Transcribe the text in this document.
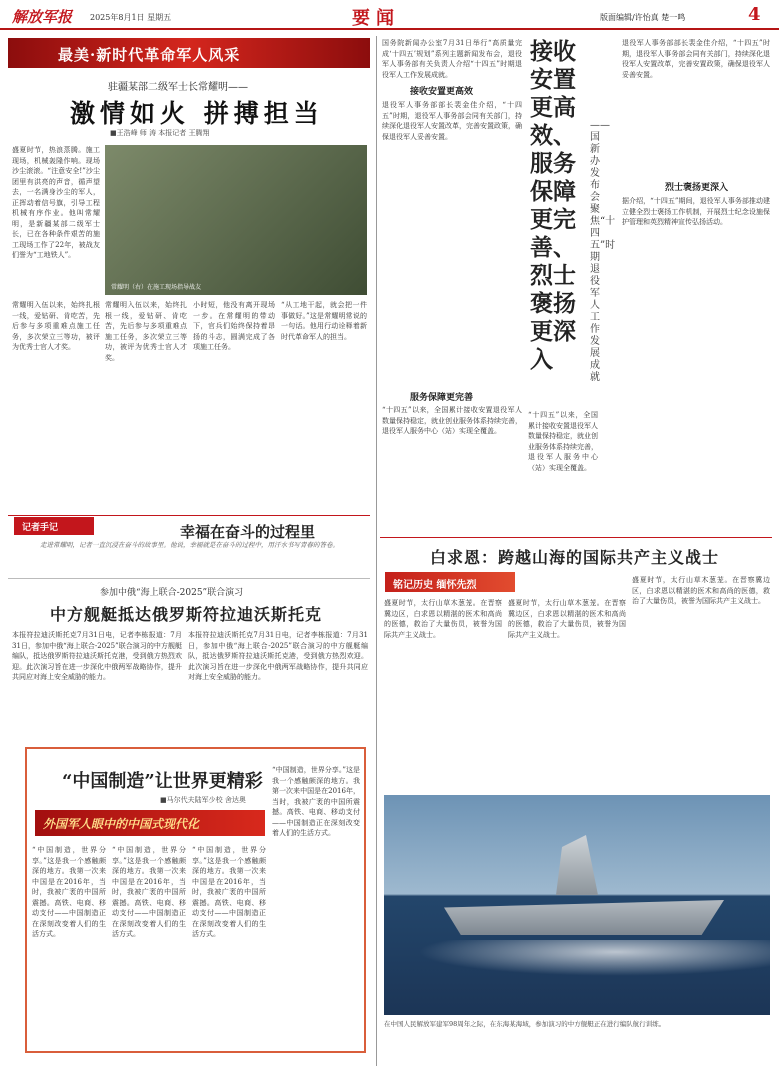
解放军报 2025年8月1日 星期五	要闻	版面编辑/许怡真 楚一鸣	4
最美·新时代革命军人风采
驻疆某部二级军士长常耀明——
激情如火 拼搏担当
■王浩峰 师 涛 本报记者 王腾翔
盛夏时节，热浪蒸腾。施工现场，机械轰隆作响。现场沙尘滚滚。“注意安全!”沙尘团里有洪亮的声音，循声望去，一名满身沙尘的军人，正挥动着信号旗，引导工程机械有序作业。他叫常耀明，是新疆某部二级军士长，已在各种条件艰苦的施工现场工作了22年，被战友们誉为“工地铁人”。
常耀明（右）在施工现场指导战友
常耀明入伍以来，始终扎根一线，爱钻研、肯吃苦，先后参与多项重难点施工任务，多次荣立三等功，被评为优秀士官人才奖。
常耀明入伍以来，始终扎根一线，爱钻研、肯吃苦，先后参与多项重难点施工任务，多次荣立三等功，被评为优秀士官人才奖。
小时短，他没有离开现场一步。在常耀明的带动下，官兵们始终保持着昂扬的斗志，圆满完成了各项施工任务。
“从工地干起，就会把一件事做好。”这是常耀明常说的一句话。他用行动诠释着新时代革命军人的担当。
记者手记	幸福在奋斗的过程里
走进常耀明，记者一直沉浸在奋斗的故事里。他说，幸福就是在奋斗的过程中，用汗水书写青春的答卷。
参加中俄“海上联合-2025”联合演习
中方舰艇抵达俄罗斯符拉迪沃斯托克
本报符拉迪沃斯托克7月31日电，记者李栋报道：7月31日，参加中俄“海上联合-2025”联合演习的中方舰艇编队，抵达俄罗斯符拉迪沃斯托克港，受到俄方热烈欢迎。此次演习旨在进一步深化中俄两军战略协作，提升共同应对海上安全威胁的能力。
本报符拉迪沃斯托克7月31日电，记者李栋报道：7月31日，参加中俄“海上联合-2025”联合演习的中方舰艇编队，抵达俄罗斯符拉迪沃斯托克港，受到俄方热烈欢迎。此次演习旨在进一步深化中俄两军战略协作，提升共同应对海上安全威胁的能力。
“中国制造”让世界更精彩
■马尔代夫陆军少校 舍达奥
外国军人眼中的中国式现代化
“中国制造，世界分享。”这是我一个感触颇深的地方。我第一次来中国是在2016年，当时，我被广袤的中国所震撼。高铁、电商、移动支付——中国制造正在深刻改变着人们的生活方式。
“中国制造，世界分享。”这是我一个感触颇深的地方。我第一次来中国是在2016年，当时，我被广袤的中国所震撼。高铁、电商、移动支付——中国制造正在深刻改变着人们的生活方式。
“中国制造，世界分享。”这是我一个感触颇深的地方。我第一次来中国是在2016年，当时，我被广袤的中国所震撼。高铁、电商、移动支付——中国制造正在深刻改变着人们的生活方式。
“中国制造，世界分享。”这是我一个感触颇深的地方。我第一次来中国是在2016年，当时，我被广袤的中国所震撼。高铁、电商、移动支付——中国制造正在深刻改变着人们的生活方式。
国务院新闻办公室7月31日举行“高质量完成‘十四五’规划”系列主题新闻发布会，退役军人事务部有关负责人介绍“十四五”时期退役军人工作发展成就。
接收安置更高效
退役军人事务部部长裴金佳介绍，“十四五”时期，退役军人事务部会同有关部门，持续深化退役军人安置改革，完善安置政策，确保退役军人妥善安置。
服务保障更完善
“十四五”以来，全国累计接收安置退役军人数量保持稳定，就业创业服务体系持续完善，退役军人服务中心（站）实现全覆盖。
接收安置更高效、服务保障更完善、烈士褒扬更深入
——国新办发布会聚焦“十四五”时期退役军人工作发展成就
“十四五”以来，全国累计接收安置退役军人数量保持稳定，就业创业服务体系持续完善，退役军人服务中心（站）实现全覆盖。
退役军人事务部部长裴金佳介绍，“十四五”时期，退役军人事务部会同有关部门，持续深化退役军人安置改革，完善安置政策，确保退役军人妥善安置。
烈士褒扬更深入
据介绍，“十四五”期间，退役军人事务部推动建立健全烈士褒扬工作机制，开展烈士纪念设施保护管理和英烈精神宣传弘扬活动。
白求恩：跨越山海的国际共产主义战士
铭记历史 缅怀先烈
盛夏时节，太行山草木葱茏。在晋察冀边区，白求恩以精湛的医术和高尚的医德，救治了大量伤员，被誉为国际共产主义战士。
盛夏时节，太行山草木葱茏。在晋察冀边区，白求恩以精湛的医术和高尚的医德，救治了大量伤员，被誉为国际共产主义战士。
盛夏时节，太行山草木葱茏。在晋察冀边区，白求恩以精湛的医术和高尚的医德，救治了大量伤员，被誉为国际共产主义战士。
在中国人民解放军建军98周年之际，在东海某海域，参加演习的中方舰艇正在进行编队航行训练。
